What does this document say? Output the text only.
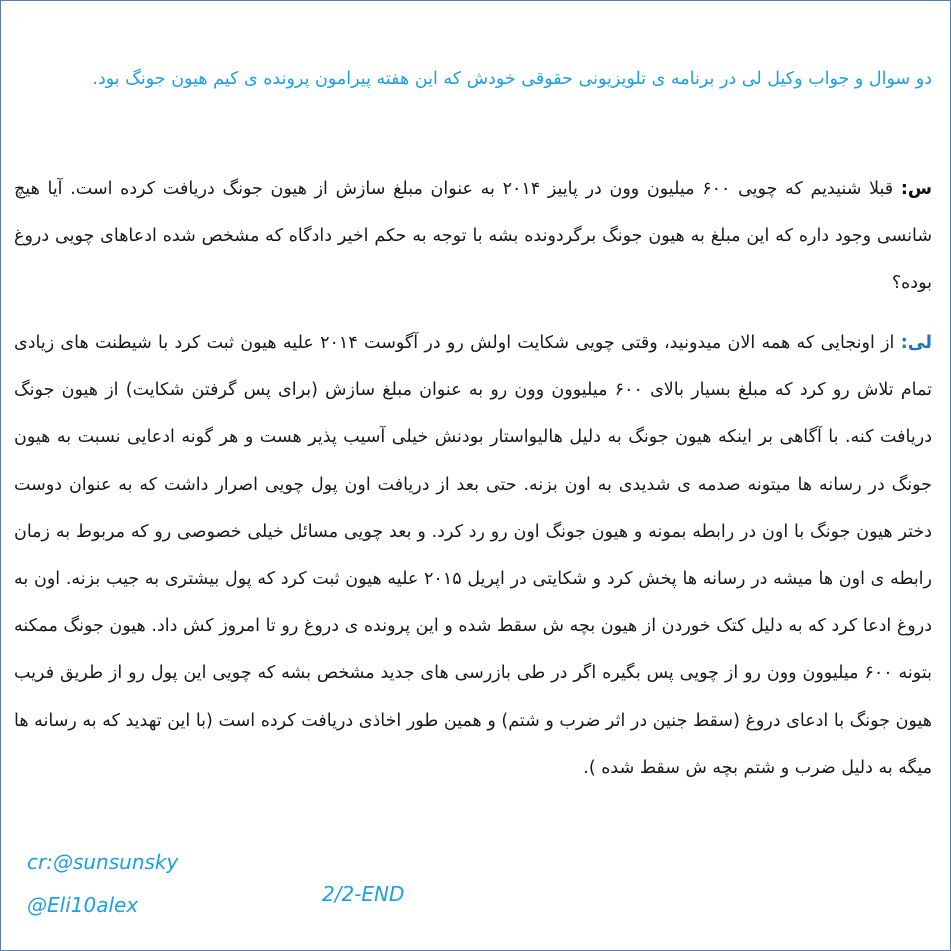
دو سوال و جواب وکیل لی در برنامه ی تلویزیونی حقوقی خودش که این هفته پیرامون پرونده ی کیم هیون جونگ بود.

س: قبلا شنیدیم که چویی ۶۰۰ میلیون وون در پاییز ۲۰۱۴ به عنوان مبلغ سازش از هیون جونگ دریافت کرده است. آیا هیچ شانسی وجود داره که این مبلغ به هیون جونگ برگردونده بشه با توجه به حکم اخیر دادگاه که مشخص شده ادعاهای چویی دروغ بوده؟

لی: از اونجایی که همه الان میدونید، وقتی چویی شکایت اولش رو در آگوست ۲۰۱۴ علیه هیون ثبت کرد با شیطنت های زیادی تمام تلاش رو کرد که مبلغ بسیار بالای ۶۰۰ میلیوون وون رو به عنوان مبلغ سازش (برای پس گرفتن شکایت) از هیون جونگ دریافت کنه. با آگاهی بر اینکه هیون جونگ به دلیل هالیواستار بودنش خیلی آسیب پذیر هست و هر گونه ادعایی نسبت به هیون جونگ در رسانه ها میتونه صدمه ی شدیدی به اون بزنه. حتی بعد از دریافت اون پول چویی اصرار داشت که به عنوان دوست دختر هیون جونگ با اون در رابطه بمونه و هیون جونگ اون رو رد کرد. و بعد چویی مسائل خیلی خصوصی رو که مربوط به زمان رابطه ی اون ها میشه در رسانه ها پخش کرد و شکایتی در اپریل ۲۰۱۵ علیه هیون ثبت کرد که پول بیشتری به جیب بزنه. اون به دروغ ادعا کرد که به دلیل کتک خوردن از هیون بچه ش سقط شده و این پرونده ی دروغ رو تا امروز کش داد. هیون جونگ ممکنه بتونه ۶۰۰ میلیوون وون رو از چویی پس بگیره اگر در طی بازرسی های جدید مشخص بشه که چویی این پول رو از طریق فریب هیون جونگ با ادعای دروغ (سقط جنین در اثر ضرب و شتم) و همین طور اخاذی دریافت کرده است (با این تهدید که به رسانه ها میگه به دلیل ضرب و شتم بچه ش سقط شده ).

cr:@sunsunsky

@Eli10alex	2/2-END
